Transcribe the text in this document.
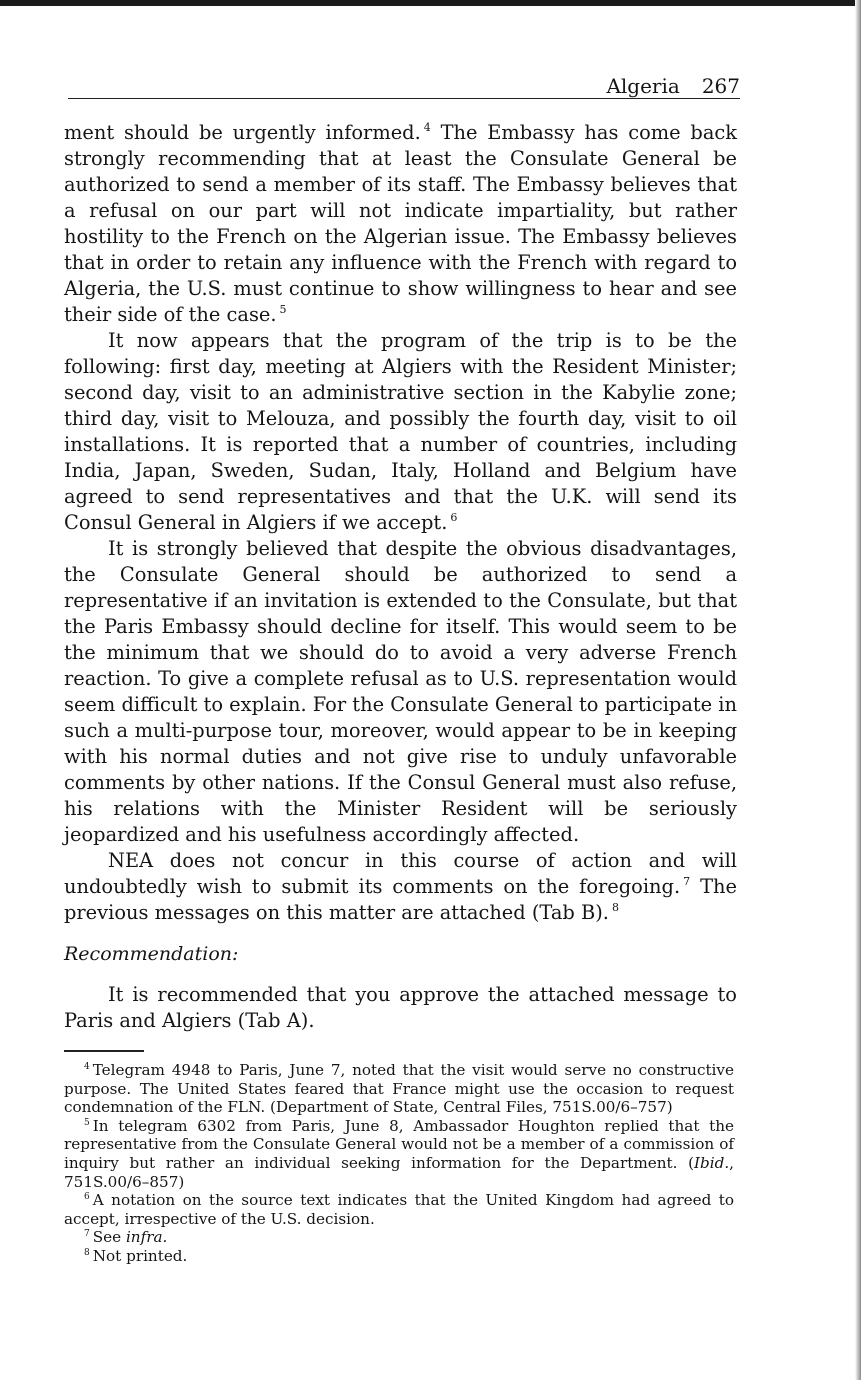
Algeria 267

ment should be urgently informed. $^4$ The Embassy has come back strongly recommending that at least the Consulate General be authorized to send a member of its staff. The Embassy believes that a refusal on our part will not indicate impartiality, but rather hostility to the French on the Algerian issue. The Embassy believes that in order to retain any influence with the French with regard to Algeria, the U.S. must continue to show willingness to hear and see their side of the case. $^5$

It now appears that the program of the trip is to be the following: first day, meeting at Algiers with the Resident Minister; second day, visit to an administrative section in the Kabylie zone; third day, visit to Melouza, and possibly the fourth day, visit to oil installations. It is reported that a number of countries, including India, Japan, Sweden, Sudan, Italy, Holland and Belgium have agreed to send representatives and that the U.K. will send its Consul General in Algiers if we accept. $^6$

It is strongly believed that despite the obvious disadvantages, the Consulate General should be authorized to send a representative if an invitation is extended to the Consulate, but that the Paris Embassy should decline for itself. This would seem to be the minimum that we should do to avoid a very adverse French reaction. To give a complete refusal as to U.S. representation would seem difficult to explain. For the Consulate General to participate in such a multi-purpose tour, moreover, would appear to be in keeping with his normal duties and not give rise to unduly unfavorable comments by other nations. If the Consul General must also refuse, his relations with the Minister Resident will be seriously jeopardized and his usefulness accordingly affected.

NEA does not concur in this course of action and will undoubtedly wish to submit its comments on the foregoing. $^7$ The previous messages on this matter are attached (Tab B). $^8$

Recommendation:

It is recommended that you approve the attached message to Paris and Algiers (Tab A).

$^4$ Telegram 4948 to Paris, June 7, noted that the visit would serve no constructive purpose. The United States feared that France might use the occasion to request condemnation of the FLN. (Department of State, Central Files, 751S.00/6–757)

$^5$ In telegram 6302 from Paris, June 8, Ambassador Houghton replied that the representative from the Consulate General would not be a member of a commission of inquiry but rather an individual seeking information for the Department. (Ibid., 751S.00/6–857)

$^6$ A notation on the source text indicates that the United Kingdom had agreed to accept, irrespective of the U.S. decision.

$^7$ See infra.

$^8$ Not printed.
